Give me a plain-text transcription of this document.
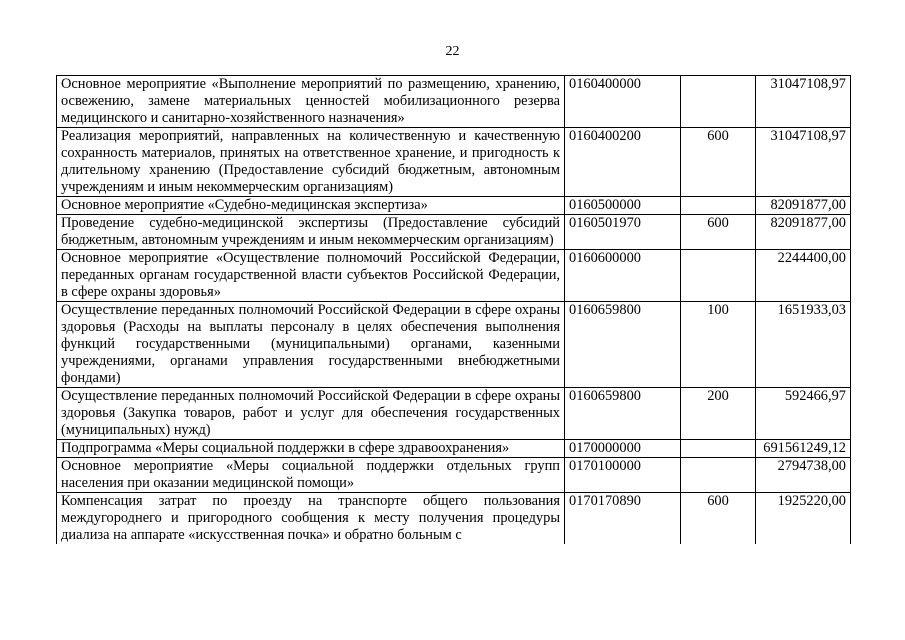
22
Основное мероприятие «Выполнение мероприятий по размещению, хранению, освежению, замене материальных ценностей мобилизационного резерва медицинского и санитарно-хозяйственного назначения»	0160400000		31047108,97
Реализация мероприятий, направленных на количественную и качественную сохранность материалов, принятых на ответственное хранение, и пригодность к длительному хранению (Предоставление субсидий бюджетным, автономным учреждениям и иным некоммерческим организациям)	0160400200	600	31047108,97
Основное мероприятие «Судебно-медицинская экспертиза»	0160500000		82091877,00
Проведение судебно-медицинской экспертизы (Предоставление субсидий бюджетным, автономным учреждениям и иным некоммерческим организациям)	0160501970	600	82091877,00
Основное мероприятие «Осуществление полномочий Российской Федерации, переданных органам государственной власти субъектов Российской Федерации, в сфере охраны здоровья»	0160600000		2244400,00
Осуществление переданных полномочий Российской Федерации в сфере охраны здоровья (Расходы на выплаты персоналу в целях обеспечения выполнения функций государственными (муниципальными) органами, казенными учреждениями, органами управления государственными внебюджетными фондами)	0160659800	100	1651933,03
Осуществление переданных полномочий Российской Федерации в сфере охраны здоровья (Закупка товаров, работ и услуг для обеспечения государственных (муниципальных) нужд)	0160659800	200	592466,97
Подпрограмма «Меры социальной поддержки в сфере здравоохранения»	0170000000		691561249,12
Основное мероприятие «Меры социальной поддержки отдельных групп населения при оказании медицинской помощи»	0170100000		2794738,00
Компенсация затрат по проезду на транспорте общего пользования междугороднего и пригородного сообщения к месту получения процедуры диализа на аппарате «искусственная почка» и обратно больным с	0170170890	600	1925220,00
